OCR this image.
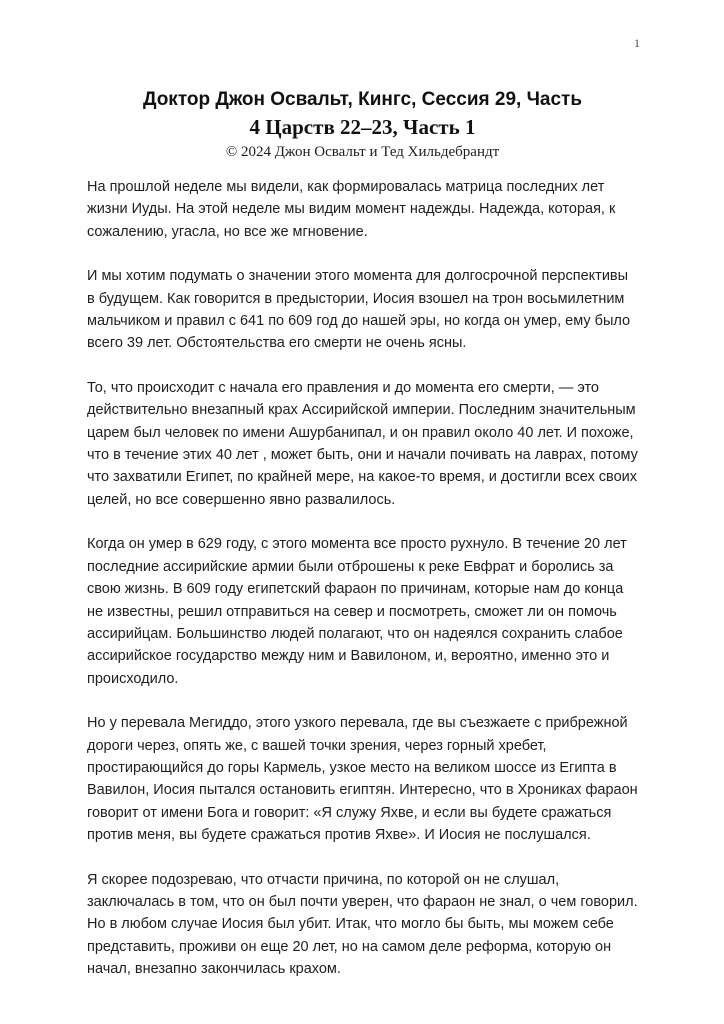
1
Доктор Джон Освальт, Кингс, Сессия 29, Часть
4 Царств 22–23, Часть 1

© 2024 Джон Освальт и Тед Хильдебрандт

На прошлой неделе мы видели, как формировалась матрица последних лет жизни Иуды. На этой неделе мы видим момент надежды. Надежда, которая, к сожалению, угасла, но все же мгновение.

И мы хотим подумать о значении этого момента для долгосрочной перспективы в будущем. Как говорится в предыстории, Иосия взошел на трон восьмилетним мальчиком и правил с 641 по 609 год до нашей эры, но когда он умер, ему было всего 39 лет. Обстоятельства его смерти не очень ясны.

То, что происходит с начала его правления и до момента его смерти, — это действительно внезапный крах Ассирийской империи. Последним значительным царем был человек по имени Ашурбанипал, и он правил около 40 лет. И похоже, что в течение этих 40 лет , может быть, они и начали почивать на лаврах, потому что захватили Египет, по крайней мере, на какое-то время, и достигли всех своих целей, но все совершенно явно развалилось.

Когда он умер в 629 году, с этого момента все просто рухнуло. В течение 20 лет последние ассирийские армии были отброшены к реке Евфрат и боролись за свою жизнь. В 609 году египетский фараон по причинам, которые нам до конца не известны, решил отправиться на север и посмотреть, сможет ли он помочь ассирийцам. Большинство людей полагают, что он надеялся сохранить слабое ассирийское государство между ним и Вавилоном, и, вероятно, именно это и происходило.

Но у перевала Мегиддо, этого узкого перевала, где вы съезжаете с прибрежной дороги через, опять же, с вашей точки зрения, через горный хребет, простирающийся до горы Кармель, узкое место на великом шоссе из Египта в Вавилон, Иосия пытался остановить египтян. Интересно, что в Хрониках фараон говорит от имени Бога и говорит: «Я служу Яхве, и если вы будете сражаться против меня, вы будете сражаться против Яхве». И Иосия не послушался.

Я скорее подозреваю, что отчасти причина, по которой он не слушал, заключалась в том, что он был почти уверен, что фараон не знал, о чем говорил. Но в любом случае Иосия был убит. Итак, что могло бы быть, мы можем себе представить, проживи он еще 20 лет, но на самом деле реформа, которую он начал, внезапно закончилась крахом.
